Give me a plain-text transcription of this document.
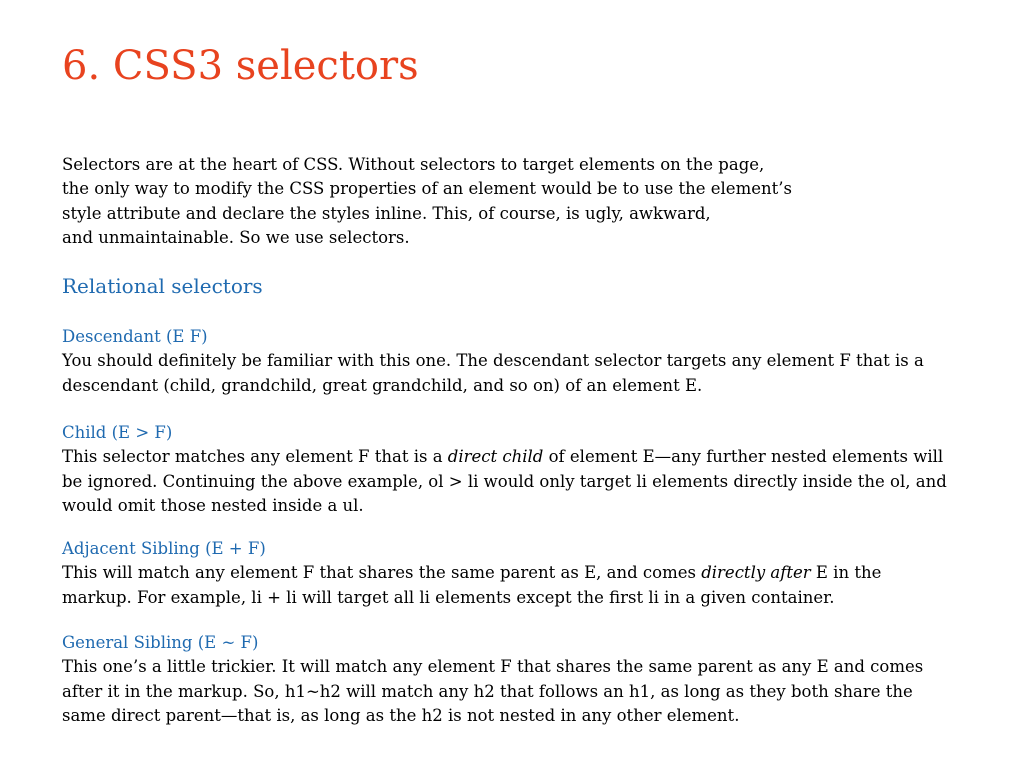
6. CSS3 selectors
Selectors are at the heart of CSS. Without selectors to target elements on the page,
the only way to modify the CSS properties of an element would be to use the element’s
style attribute and declare the styles inline. This, of course, is ugly, awkward,
and unmaintainable. So we use selectors.
Relational selectors
Descendant (E F)
You should definitely be familiar with this one. The descendant selector targets any element F that is a
descendant (child, grandchild, great grandchild, and so on) of an element E.
Child (E > F)
This selector matches any element F that is a direct child of element E—any further nested elements will
be ignored. Continuing the above example, ol > li would only target li elements directly inside the ol, and
would omit those nested inside a ul.
Adjacent Sibling (E + F)
This will match any element F that shares the same parent as E, and comes directly after E in the
markup. For example, li + li will target all li elements except the first li in a given container.
General Sibling (E ~ F)
This one’s a little trickier. It will match any element F that shares the same parent as any E and comes
after it in the markup. So, h1~h2 will match any h2 that follows an h1, as long as they both share the
same direct parent—that is, as long as the h2 is not nested in any other element.
